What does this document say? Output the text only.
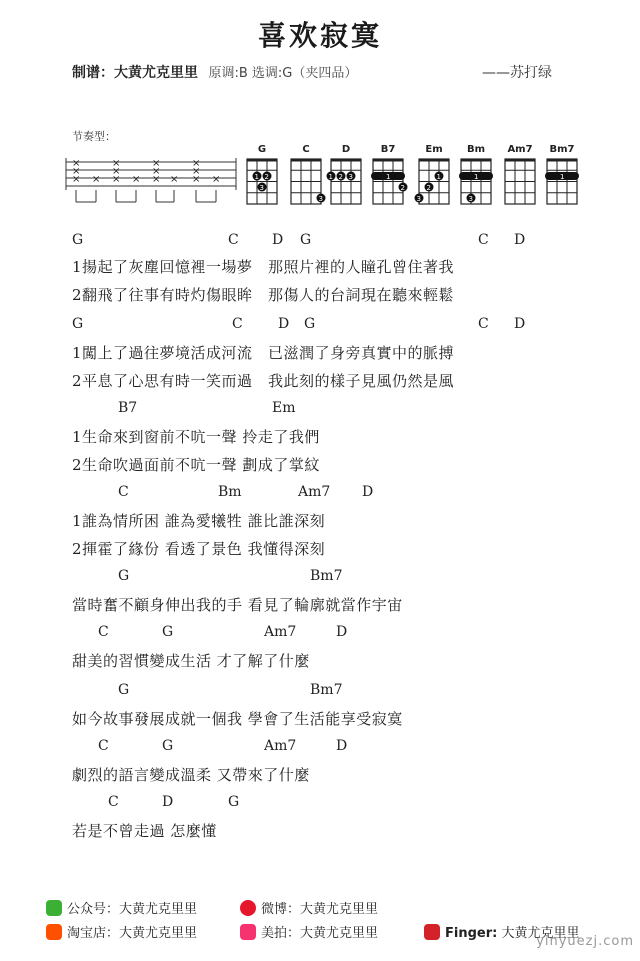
喜欢寂寞
制谱：大黄尤克里里 原调:B 选调:G（夹四品）	——苏打绿
节奏型：
×
×
× ×
×
×
× ×
×
×
× ×
×
×
× ×
G
1 2
3
C
3
D
1 2 3
B7
1
2
Em
1
2
3
Bm
1
3
Am7	Bm7
1
G	C D G	C D
1揚起了灰塵回憶裡一場夢　那照片裡的人瞳孔曾住著我
2翻飛了往事有時灼傷眼眸　那傷人的台詞現在聽來輕鬆
G	C	D G	C D
1闖上了過往夢境活成河流　已滋潤了身旁真實中的脈搏
2平息了心思有時一笑而過　我此刻的樣子見風仍然是風
B7	Em
1生命來到窗前不吭一聲 拎走了我們
2生命吹過面前不吭一聲 劃成了掌紋
C	Bm	Am7 D
1誰為情所困 誰為愛犧牲 誰比誰深刻
2揮霍了緣份 看透了景色 我懂得深刻
G	Bm7
當時奮不顧身伸出我的手 看見了輪廓就當作宇宙
C	G	Am7	D
甜美的習慣變成生活 才了解了什麼
G	Bm7
如今故事發展成就一個我 學會了生活能享受寂寞
C	G	Am7	D
劇烈的語言變成溫柔 又帶來了什麼
C	D	G
若是不曾走過 怎麼懂
公众号：大黄尤克里里	微博：大黄尤克里里
淘宝店：大黄尤克里里	美拍：大黄尤克里里	Finger: 大黄尤克里里
yinyuezj.com
